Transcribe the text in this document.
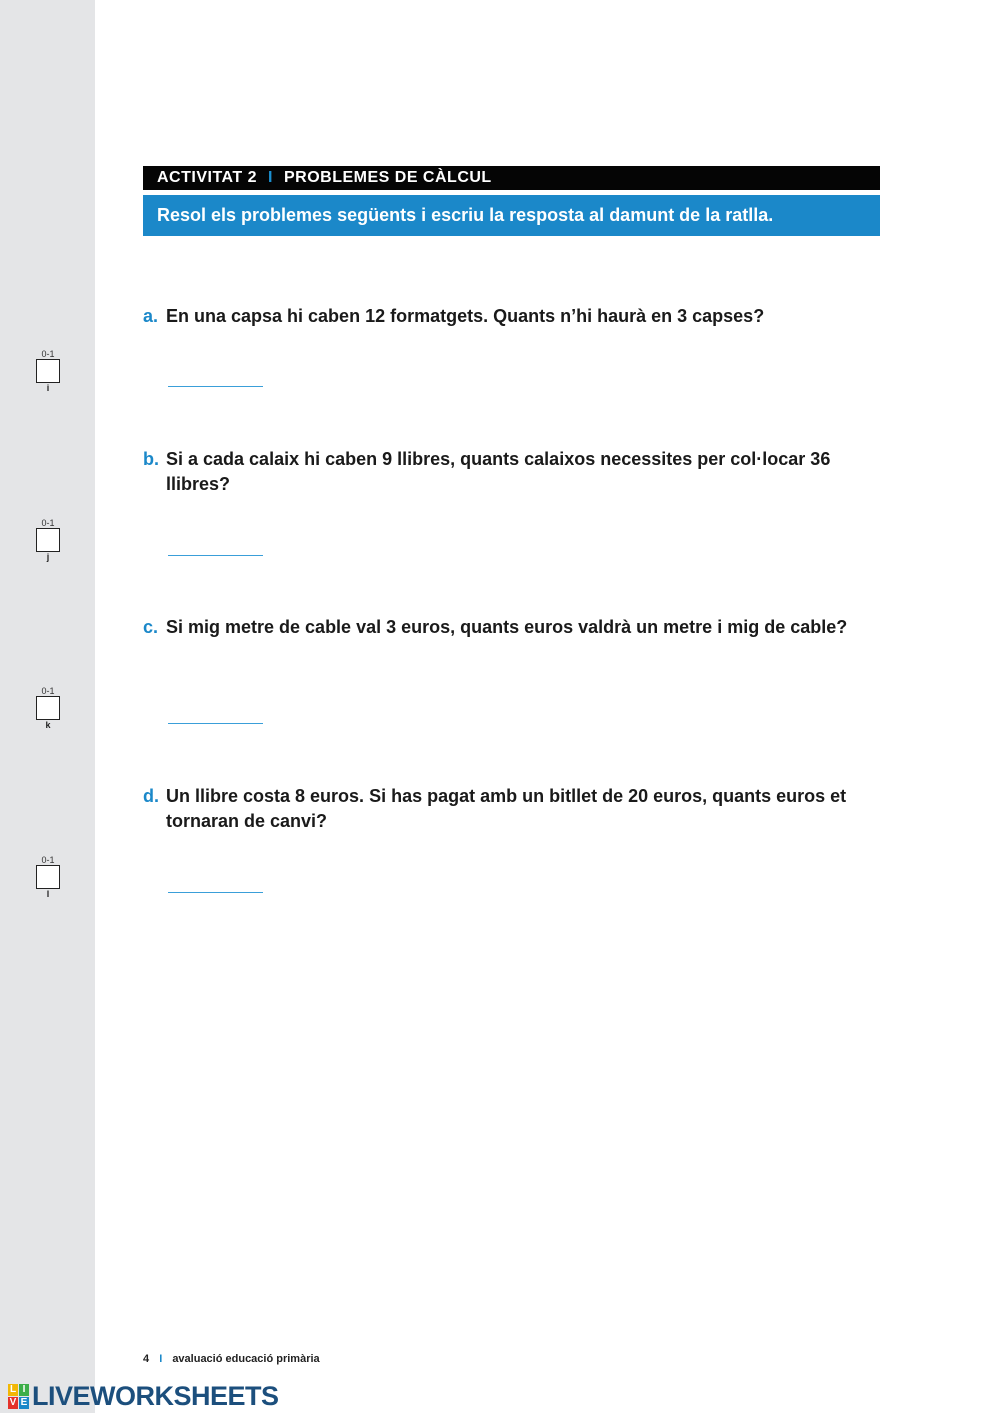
ACTIVITAT 2 I PROBLEMES DE CÀLCUL
Resol els problemes següents i escriu la resposta al damunt de la ratlla.
a. En una capsa hi caben 12 formatgets. Quants n’hi haurà en 3 capses?
0-1
i
b. Si a cada calaix hi caben 9 llibres, quants calaixos necessites per col·locar 36 llibres?
0-1
j
c. Si mig metre de cable val 3 euros, quants euros valdrà un metre i mig de cable?
0-1
k
d. Un llibre costa 8 euros. Si has pagat amb un bitllet de 20 euros, quants euros et tornaran de canvi?
0-1
l
4 I avaluació educació primària
L I
V E LIVEWORKSHEETS
